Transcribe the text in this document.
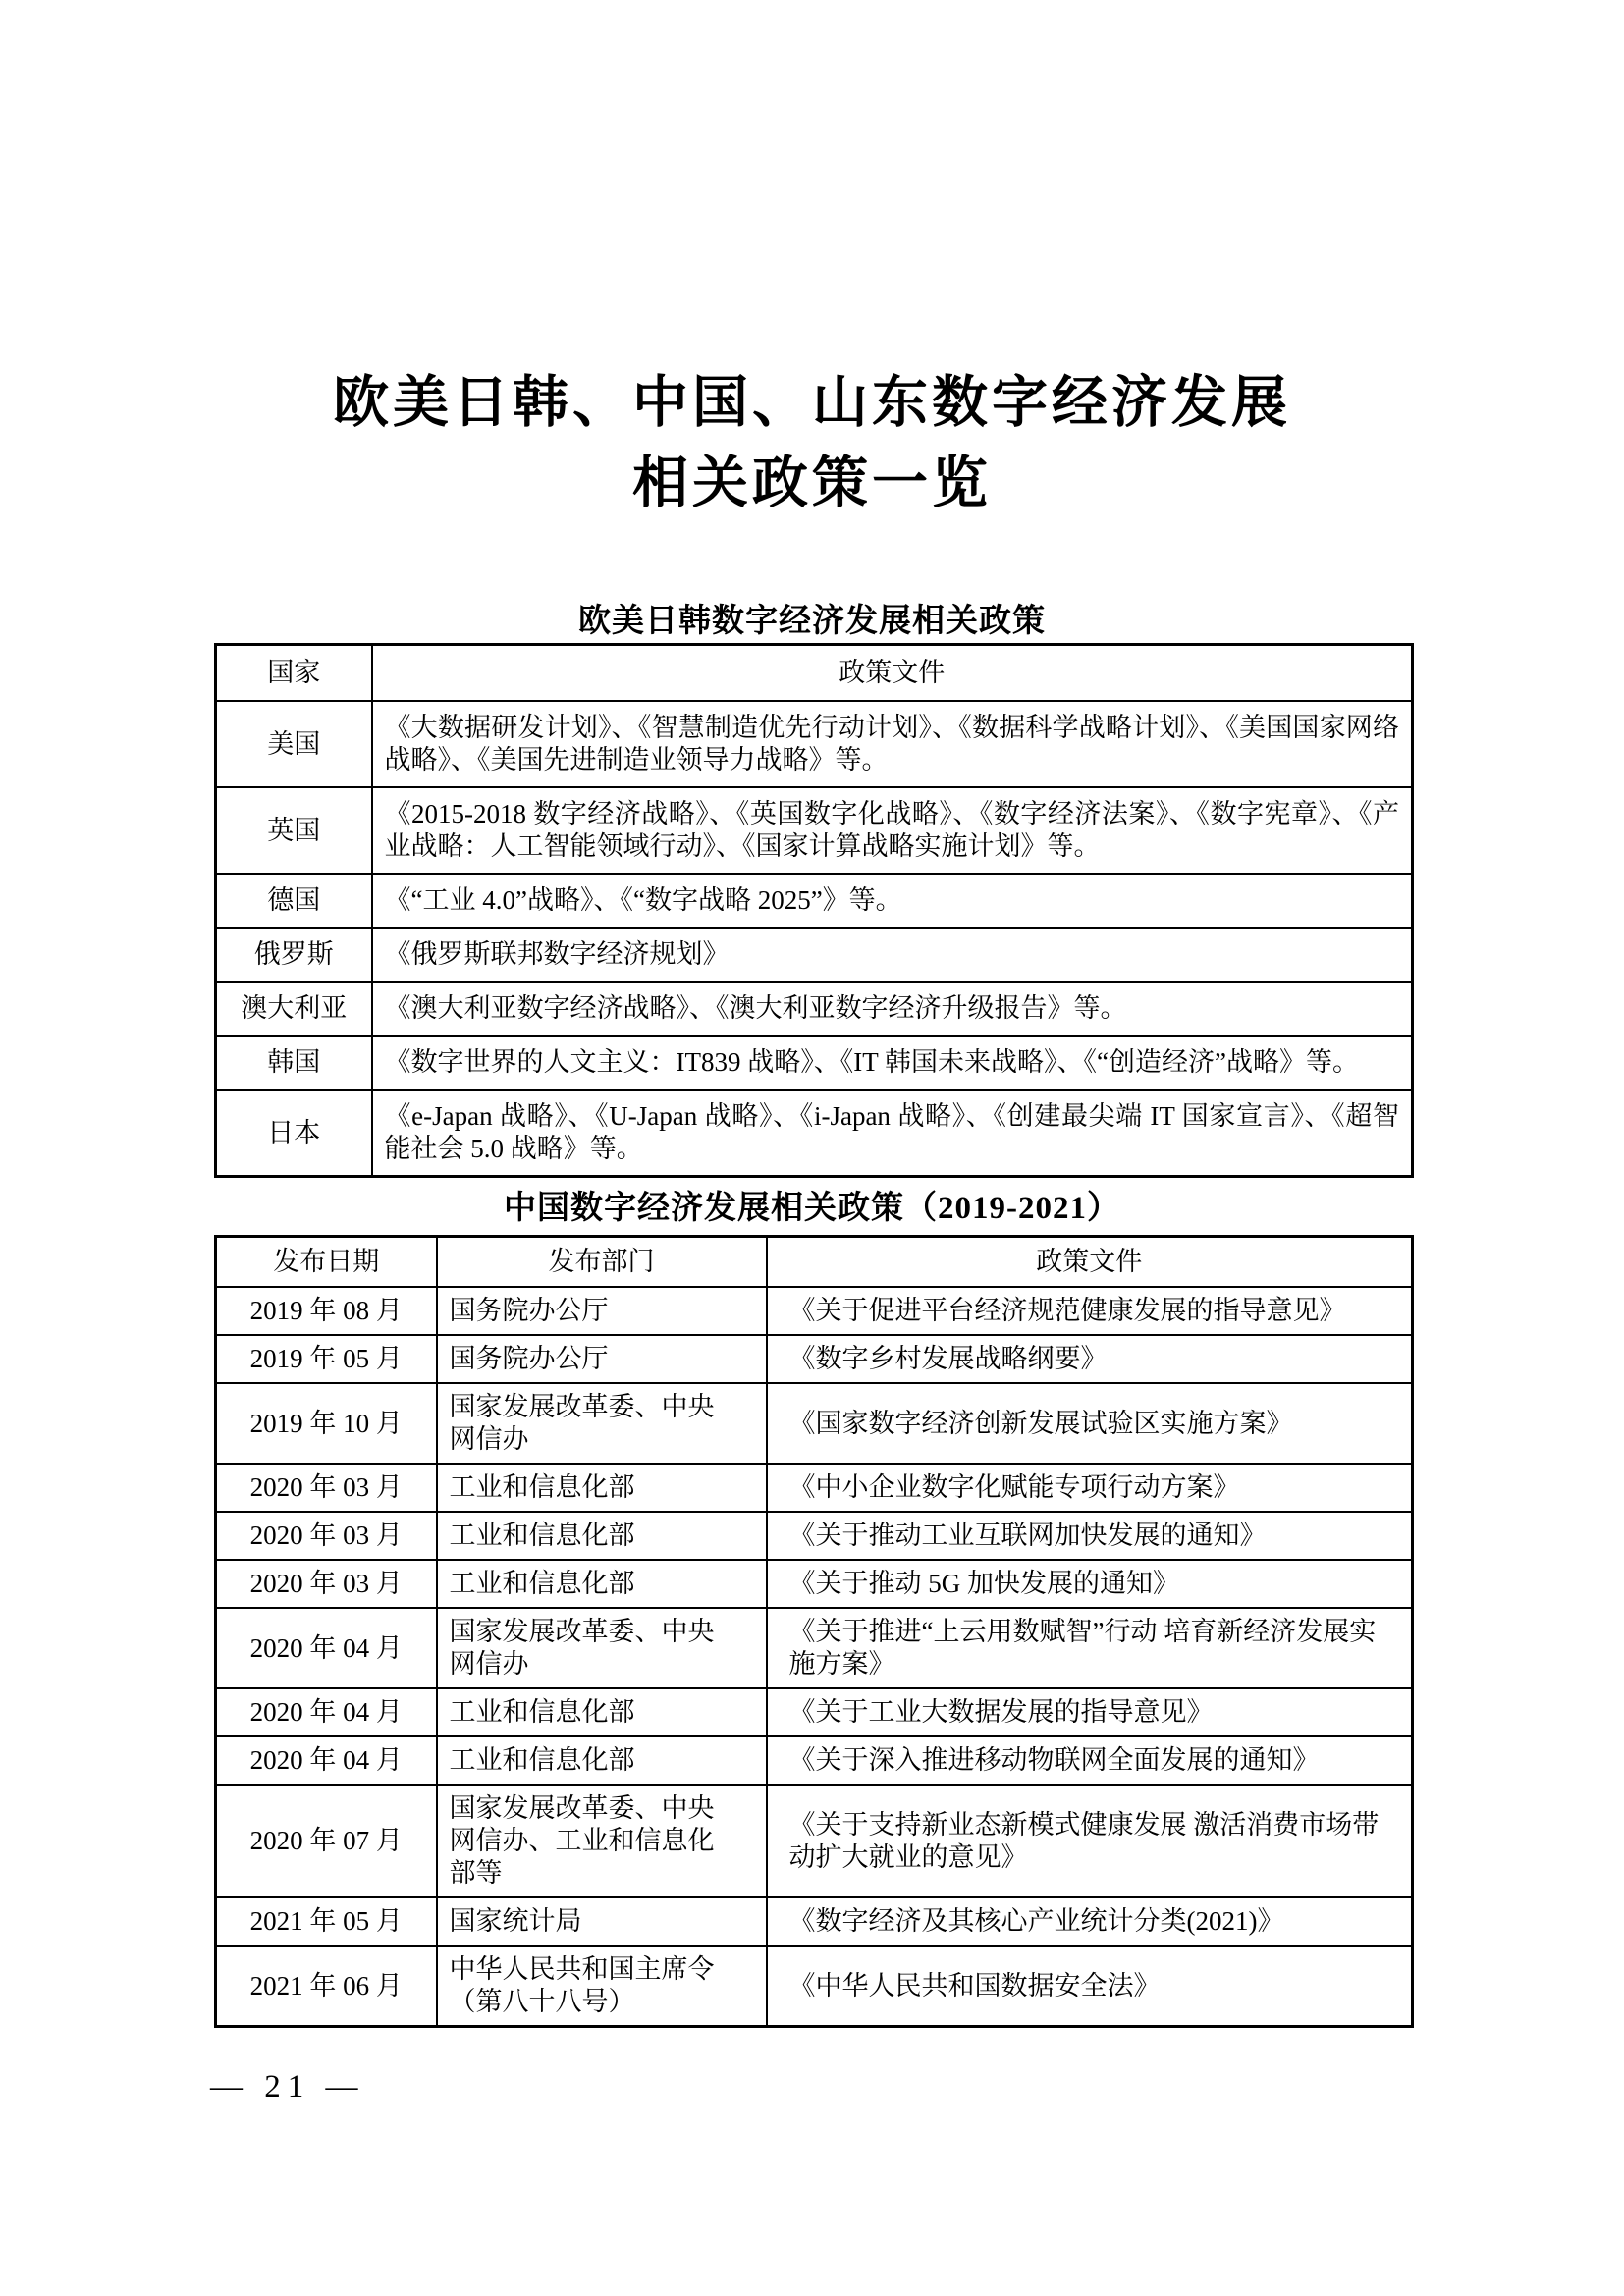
欧美日韩、中国、山东数字经济发展
相关政策一览
欧美日韩数字经济发展相关政策
国家	政策文件
美国	《大数据研发计划》、《智慧制造优先行动计划》、《数据科学战略计划》、《美国国家网络战略》、《美国先进制造业领导力战略》等。
英国	《2015-2018 数字经济战略》、《英国数字化战略》、《数字经济法案》、《数字宪章》、《产业战略：人工智能领域行动》、《国家计算战略实施计划》等。
德国	《“工业 4.0”战略》、《“数字战略 2025”》等。
俄罗斯	《俄罗斯联邦数字经济规划》
澳大利亚	《澳大利亚数字经济战略》、《澳大利亚数字经济升级报告》等。
韩国	《数字世界的人文主义：IT839 战略》、《IT 韩国未来战略》、《“创造经济”战略》等。
日本	《e-Japan 战略》、《U-Japan 战略》、《i-Japan 战略》、《创建最尖端 IT 国家宣言》、《超智能社会 5.0 战略》等。
中国数字经济发展相关政策（2019-2021）
发布日期	发布部门	政策文件
2019 年 08 月	国务院办公厅	《关于促进平台经济规范健康发展的指导意见》
2019 年 05 月	国务院办公厅	《数字乡村发展战略纲要》
2019 年 10 月	国家发展改革委、中央网信办	《国家数字经济创新发展试验区实施方案》
2020 年 03 月	工业和信息化部	《中小企业数字化赋能专项行动方案》
2020 年 03 月	工业和信息化部	《关于推动工业互联网加快发展的通知》
2020 年 03 月	工业和信息化部	《关于推动 5G 加快发展的通知》
2020 年 04 月	国家发展改革委、中央网信办	《关于推进“上云用数赋智”行动 培育新经济发展实施方案》
2020 年 04 月	工业和信息化部	《关于工业大数据发展的指导意见》
2020 年 04 月	工业和信息化部	《关于深入推进移动物联网全面发展的通知》
2020 年 07 月	国家发展改革委、中央网信办、工业和信息化部等	《关于支持新业态新模式健康发展 激活消费市场带动扩大就业的意见》
2021 年 05 月	国家统计局	《数字经济及其核心产业统计分类(2021)》
2021 年 06 月	中华人民共和国主席令（第八十八号）	《中华人民共和国数据安全法》
— 21 —
